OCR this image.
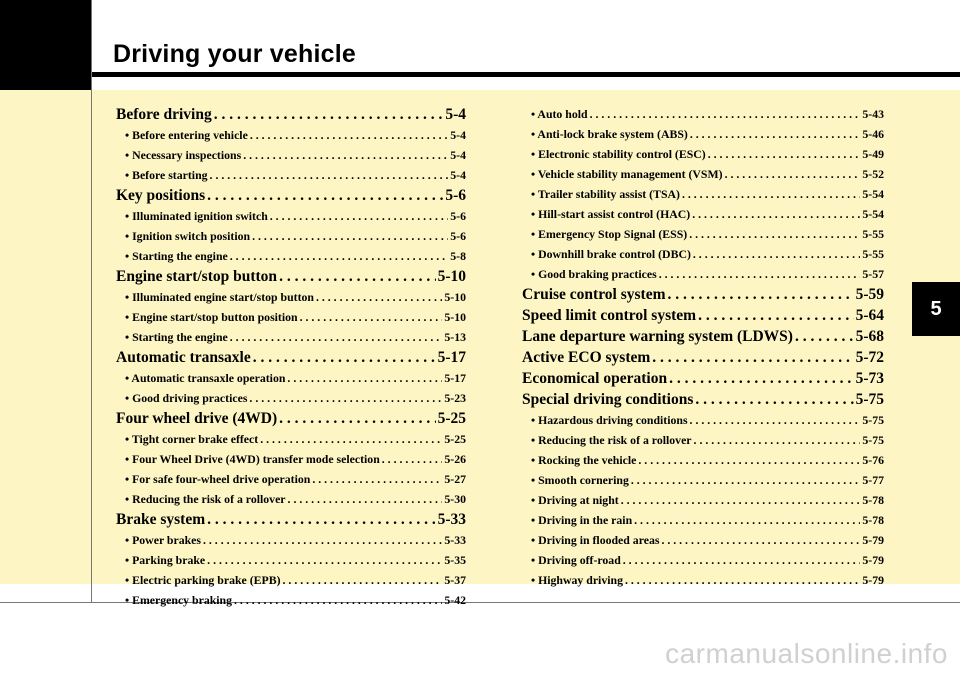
Driving your vehicle
5
Before driving . . .	5-4
• Before entering vehicle . . .	5-4
• Necessary inspections . . .	5-4
• Before starting . . .	5-4
Key positions . . .	5-6
• Illuminated ignition switch . . .	5-6
• Ignition switch position . . .	5-6
• Starting the engine . . .	5-8
Engine start/stop button . . .	5-10
• Illuminated engine start/stop button . . .	5-10
• Engine start/stop button position . . .	5-10
• Starting the engine . . .	5-13
Automatic transaxle . . .	5-17
• Automatic transaxle operation . . .	5-17
• Good driving practices . . .	5-23
Four wheel drive (4WD) . . .	5-25
• Tight corner brake effect . . .	5-25
• Four Wheel Drive (4WD) transfer mode selection . . .	5-26
• For safe four-wheel drive operation . . .	5-27
• Reducing the risk of a rollover . . .	5-30
Brake system . . .	5-33
• Power brakes . . .	5-33
• Parking brake . . .	5-35
• Electric parking brake (EPB) . . .	5-37
• Emergency braking . . .	5-42
• Auto hold . . .	5-43
• Anti-lock brake system (ABS) . . .	5-46
• Electronic stability control (ESC) . . .	5-49
• Vehicle stability management (VSM) . . .	5-52
• Trailer stability assist (TSA) . . .	5-54
• Hill-start assist control (HAC) . . .	5-54
• Emergency Stop Signal (ESS) . . .	5-55
• Downhill brake control (DBC) . . .	5-55
• Good braking practices . . .	5-57
Cruise control system . . .	5-59
Speed limit control system . . .	5-64
Lane departure warning system (LDWS) . . .	5-68
Active ECO system . . .	5-72
Economical operation . . .	5-73
Special driving conditions . . .	5-75
• Hazardous driving conditions . . .	5-75
• Reducing the risk of a rollover . . .	5-75
• Rocking the vehicle . . .	5-76
• Smooth cornering . . .	5-77
• Driving at night . . .	5-78
• Driving in the rain . . .	5-78
• Driving in flooded areas . . .	5-79
• Driving off-road . . .	5-79
• Highway driving . . .	5-79
carmanualsonline.info
